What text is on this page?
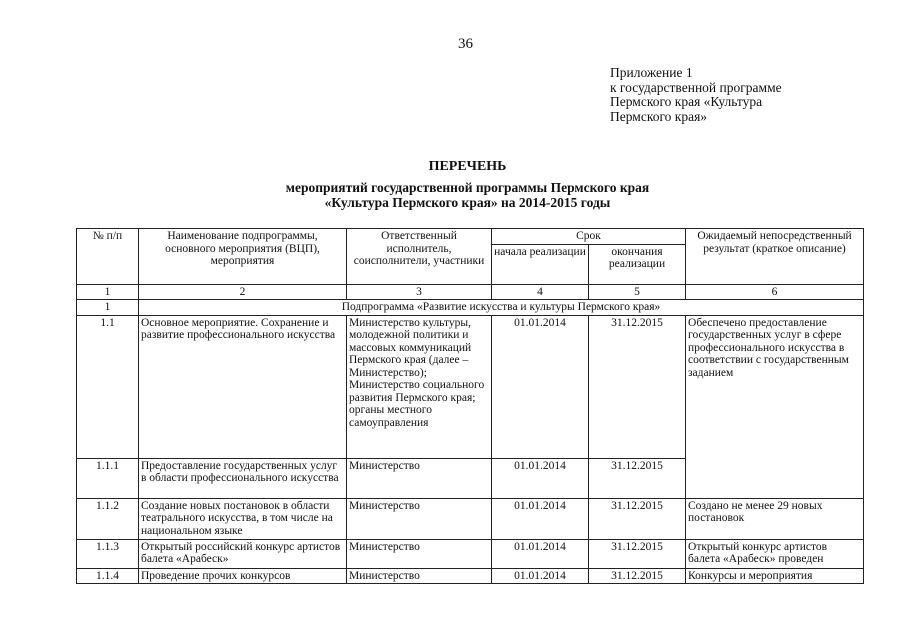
36
Приложение 1
к государственной программе
Пермского края «Культура
Пермского края»
ПЕРЕЧЕНЬ
мероприятий государственной программы Пермского края
«Культура Пермского края» на 2014-2015 годы
№ п/п	Наименование подпрограммы, основного мероприятия (ВЦП), мероприятия	Ответственный исполнитель, соисполнители, участники	Срок		Ожидаемый непосредственный результат (краткое описание)
			начала реализации	окончания реализации	
1	2	3	4	5	6
1	Подпрограмма «Развитие искусства и культуры Пермского края»				
1.1	Основное мероприятие. Сохранение и развитие профессионального искусства	Министерство культуры, молодежной политики и массовых коммуникаций Пермского края (далее – Министерство); Министерство социального развития Пермского края; органы местного самоуправления	01.01.2014	31.12.2015	Обеспечено предоставление государственных услуг в сфере профессионального искусства в соответствии с государственным заданием
1.1.1	Предоставление государственных услуг в области профессионального искусства	Министерство	01.01.2014	31.12.2015	
1.1.2	Создание новых постановок в области театрального искусства, в том числе на национальном языке	Министерство	01.01.2014	31.12.2015	Создано не менее 29 новых постановок
1.1.3	Открытый российский конкурс артистов балета «Арабеск»	Министерство	01.01.2014	31.12.2015	Открытый конкурс артистов балета «Арабеск» проведен
1.1.4	Проведение прочих конкурсов	Министерство	01.01.2014	31.12.2015	Конкурсы и мероприятия
